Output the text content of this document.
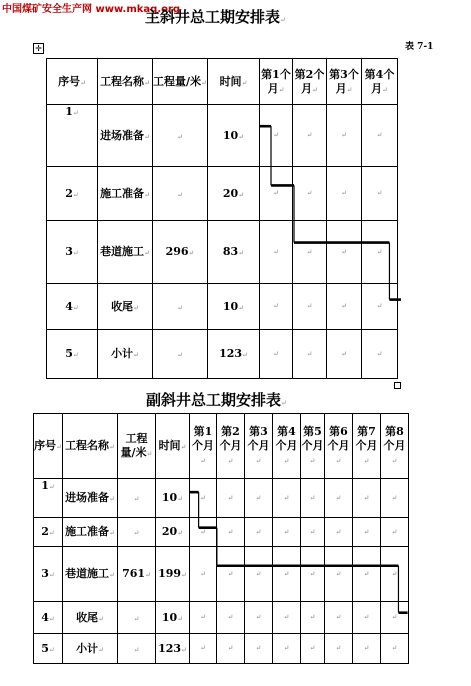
中国煤矿安全生产网 www.mkaq.org
主斜井总工期安排表↵
表 7-1
✛
序号↵	工程名称↵	工程量/米↵	时间↵	第1个月↵	第2个月↵	第3个月↵	第4个月↵
1↵	进场准备↵	↵	10↵	↵	↵	↵	↵
2↵	施工准备↵	↵	20↵	↵	↵	↵	↵
3↵	巷道施工↵	296↵	83↵	↵	↵	↵	↵
4↵	收尾↵	↵	10↵	↵	↵	↵	↵
5↵	小计↵	↵	123↵	↵	↵	↵	↵
副斜井总工期安排表↵
序号↵	工程名称↵	工程量/米↵	时间↵	第1个月↵	第2个月↵	第3个月↵	第4个月↵	第5个月↵	第6个月↵	第7个月↵	第8个月↵
1↵	进场准备↵	↵	10↵	↵	↵	↵	↵	↵	↵	↵	↵
2↵	施工准备↵	↵	20↵	↵	↵	↵	↵	↵	↵	↵	↵
3↵	巷道施工↵	761↵	199↵	↵	↵	↵	↵	↵	↵	↵	↵
4↵	收尾↵	↵	10↵	↵	↵	↵	↵	↵	↵	↵	↵
5↵	小计↵	↵	123↵	↵	↵	↵	↵	↵	↵	↵	↵
